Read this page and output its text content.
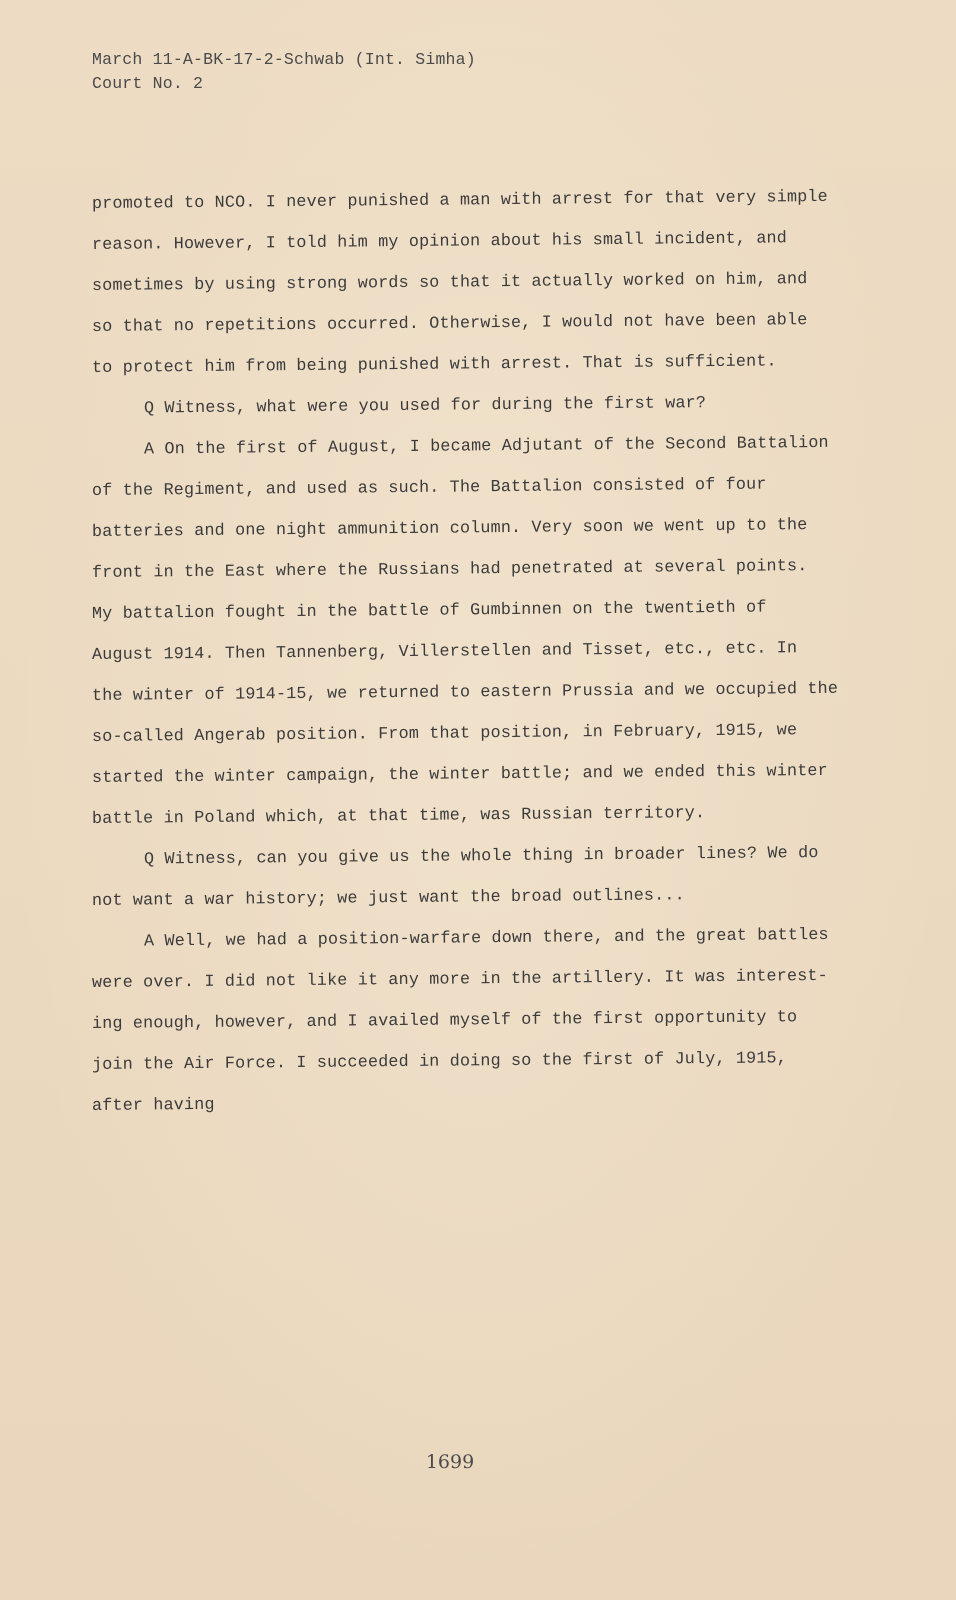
March 11-A-BK-17-2-Schwab (Int. Simha)
Court No. 2
promoted to NCO. I never punished a man with arrest for that very simple
reason. However, I told him my opinion about his small incident, and
sometimes by using strong words so that it actually worked on him, and
so that no repetitions occurred. Otherwise, I would not have been able
to protect him from being punished with arrest. That is sufficient.
Q Witness, what were you used for during the first war?
A On the first of August, I became Adjutant of the Second Battalion
of the Regiment, and used as such. The Battalion consisted of four
batteries and one night ammunition column. Very soon we went up to the
front in the East where the Russians had penetrated at several points.
My battalion fought in the battle of Gumbinnen on the twentieth of
August 1914. Then Tannenberg, Villerstellen and Tisset, etc., etc. In
the winter of 1914-15, we returned to eastern Prussia and we occupied the
so-called Angerab position. From that position, in February, 1915, we
started the winter campaign, the winter battle; and we ended this winter
battle in Poland which, at that time, was Russian territory.
Q Witness, can you give us the whole thing in broader lines? We do
not want a war history; we just want the broad outlines...
A Well, we had a position-warfare down there, and the great battles
were over. I did not like it any more in the artillery. It was interest-
ing enough, however, and I availed myself of the first opportunity to
join the Air Force. I succeeded in doing so the first of July, 1915,
after having
1699
